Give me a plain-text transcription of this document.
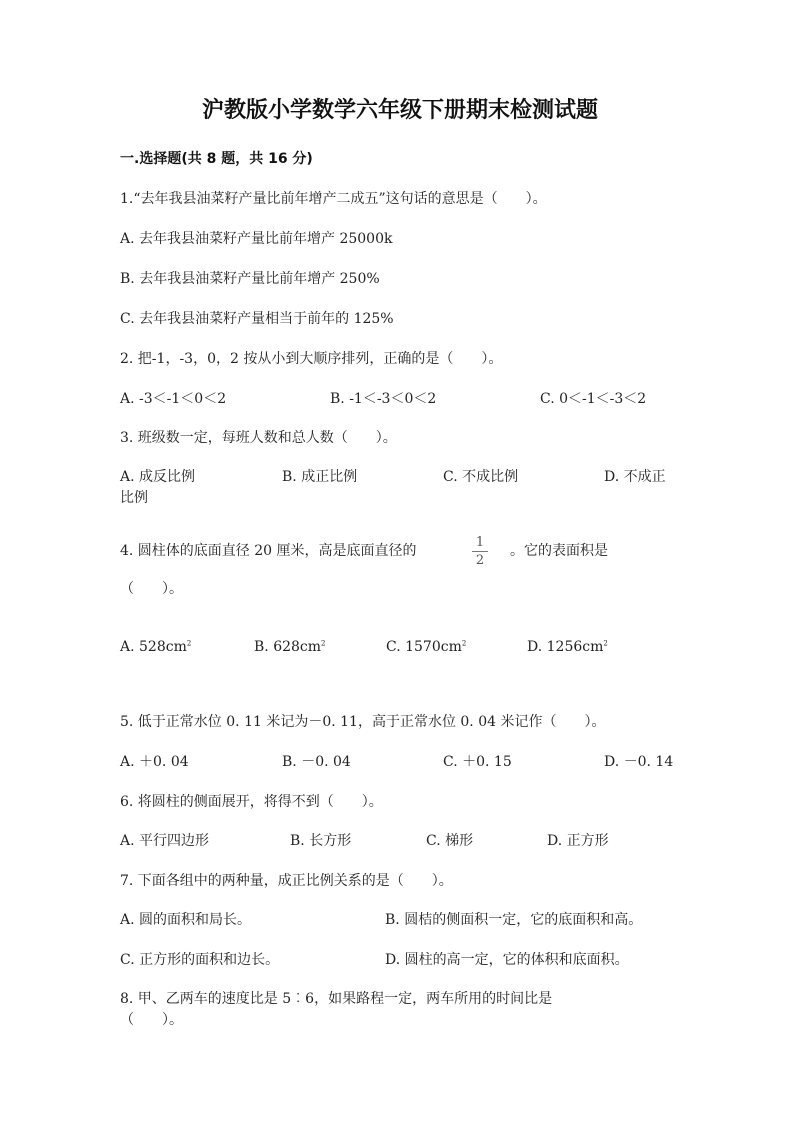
沪教版小学数学六年级下册期末检测试题
一.选择题(共 8 题，共 16 分)
1.“去年我县油菜籽产量比前年增产二成五”这句话的意思是（　　）。
A. 去年我县油菜籽产量比前年增产 25000k
B. 去年我县油菜籽产量比前年增产 250%
C. 去年我县油菜籽产量相当于前年的 125%
2. 把-1，-3，0，2 按从小到大顺序排列，正确的是（　　）。
A. -3＜-1＜0＜2	B. -1＜-3＜0＜2	C. 0＜-1＜-3＜2
3. 班级数一定，每班人数和总人数（　　）。
A. 成反比例	B. 成正比例	C. 不成比例	D. 不成正
比例
4. 圆柱体的底面直径 20 厘米，高是底面直径的
1
2
。它的表面积是
（　　）。
A. $528cm^2$	B. $628cm^2$	C. $1570cm^2$	D. $1256cm^2$
5. 低于正常水位 0. 11 米记为－0. 11，高于正常水位 0. 04 米记作（　　）。
A. ＋0. 04	B. －0. 04	C. ＋0. 15	D. －0. 14
6. 将圆柱的侧面展开，将得不到（　　）。
A. 平行四边形	B. 长方形	C. 梯形	D. 正方形
7. 下面各组中的两种量，成正比例关系的是（　　）。
A. 圆的面积和局长。	B. 圆桔的侧面积一定，它的底面积和高。
C. 正方形的面积和边长。	D. 圆柱的高一定，它的体积和底面积。
8. 甲、乙两车的速度比是 5︰6，如果路程一定，两车所用的时间比是
（　　）。
